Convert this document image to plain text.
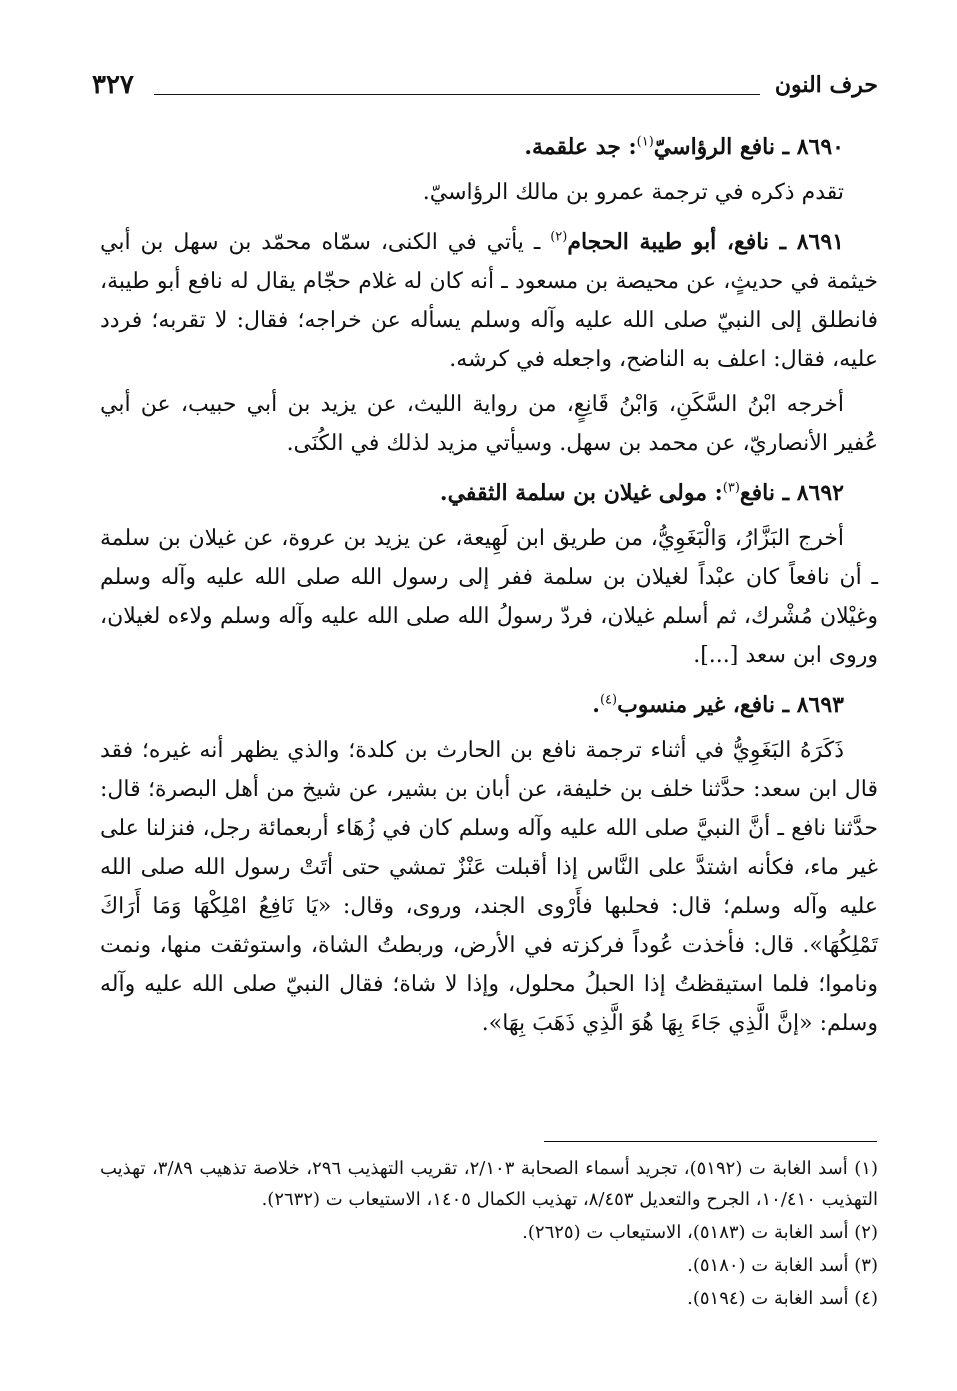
حرف النون
٣٢٧

٨٦٩٠ ـ نافع الرؤاسيّ$^{(١)}$: جد علقمة.

تقدم ذكره في ترجمة عمرو بن مالك الرؤاسيّ.

٨٦٩١ ـ نافع، أبو طيبة الحجام$^{(٢)}$ ـ يأتي في الكنى، سمّاه محمّد بن سهل بن أبي خيثمة في حديثٍ، عن محيصة بن مسعود ـ أنه كان له غلام حجّام يقال له نافع أبو طيبة، فانطلق إلى النبيّ صلى الله عليه وآله وسلم يسأله عن خراجه؛ فقال: لا تقربه؛ فردد عليه، فقال: اعلف به الناضح، واجعله في كرشه.

أخرجه ابْنُ السَّكَنِ، وَابْنُ قَانِعٍ، من رواية الليث، عن يزيد بن أبي حبيب، عن أبي عُفير الأنصاريّ، عن محمد بن سهل. وسيأتي مزيد لذلك في الكُنَى.

٨٦٩٢ ـ نافع$^{(٣)}$: مولى غيلان بن سلمة الثقفي.

أخرج البَزَّارُ، وَالْبَغَوِيُّ، من طريق ابن لَهِيعة، عن يزيد بن عروة، عن غيلان بن سلمة ـ أن نافعاً كان عبْداً لغيلان بن سلمة ففر إلى رسول الله صلى الله عليه وآله وسلم وغيْلان مُشْرك، ثم أسلم غيلان، فردّ رسولُ الله صلى الله عليه وآله وسلم ولاءه لغيلان، وروى ابن سعد [...].

٨٦٩٣ ـ نافع، غير منسوب$^{(٤)}$.

ذَكَرَهُ البَغَوِيُّ في أثناء ترجمة نافع بن الحارث بن كلدة؛ والذي يظهر أنه غيره؛ فقد قال ابن سعد: حدَّثنا خلف بن خليفة، عن أبان بن بشير، عن شيخ من أهل البصرة؛ قال: حدَّثنا نافع ـ أنَّ النبيَّ صلى الله عليه وآله وسلم كان في زُهَاء أربعمائة رجل، فنزلنا على غير ماء، فكأنه اشتدَّ على النَّاس إذا أقبلت عَنْزٌ تمشي حتى أتَتْ رسول الله صلى الله عليه وآله وسلم؛ قال: فحلبها فأَرْوى الجند، وروى، وقال: «يَا نَافِعُ امْلِكْهَا وَمَا أَرَاكَ تَمْلِكُهَا». قال: فأخذت عُوداً فركزته في الأرض، وربطتُ الشاة، واستوثقت منها، ونمت وناموا؛ فلما استيقظتُ إذا الحبلُ محلول، وإذا لا شاة؛ فقال النبيّ صلى الله عليه وآله وسلم: «إنَّ الَّذِي جَاءَ بِهَا هُوَ الَّذِي ذَهَبَ بِهَا».

(١) أسد الغابة ت (٥١٩٢)، تجريد أسماء الصحابة ٢/١٠٣، تقريب التهذيب ٢٩٦، خلاصة تذهيب ٣/٨٩، تهذيب التهذيب ١٠/٤١٠، الجرح والتعديل ٨/٤٥٣، تهذيب الكمال ١٤٠٥، الاستيعاب ت (٢٦٣٢).

(٢) أسد الغابة ت (٥١٨٣)، الاستيعاب ت (٢٦٢٥).

(٣) أسد الغابة ت (٥١٨٠).

(٤) أسد الغابة ت (٥١٩٤).
